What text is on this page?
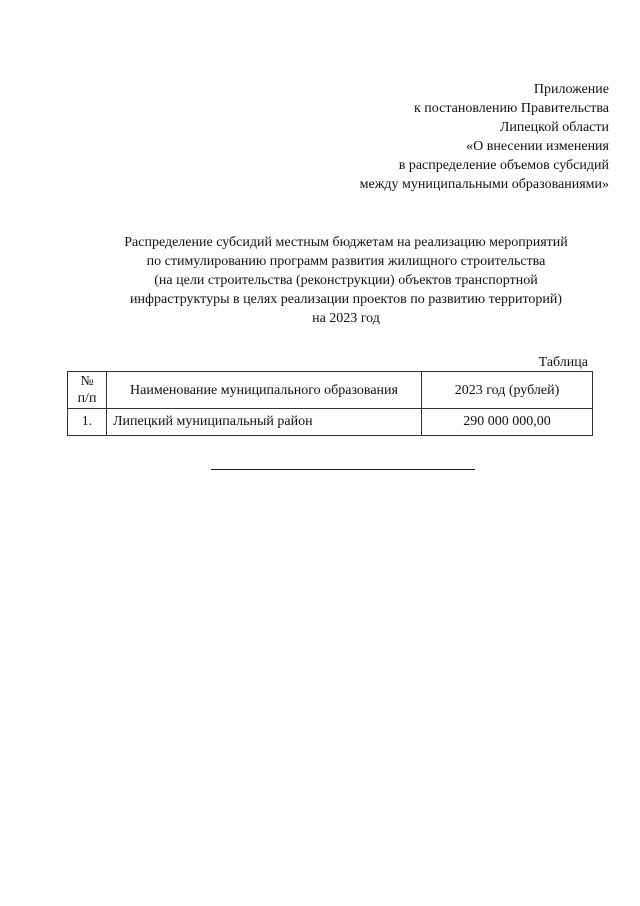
Приложение
к постановлению Правительства
Липецкой области
«О внесении изменения
в распределение объемов субсидий
между муниципальными образованиями»
Распределение субсидий местным бюджетам на реализацию мероприятий
по стимулированию программ развития жилищного строительства
(на цели строительства (реконструкции) объектов транспортной
инфраструктуры в целях реализации проектов по развитию территорий)
на 2023 год
Таблица
№
п/п	Наименование муниципального образования	2023 год (рублей)
1.	Липецкий муниципальный район	290 000 000,00
